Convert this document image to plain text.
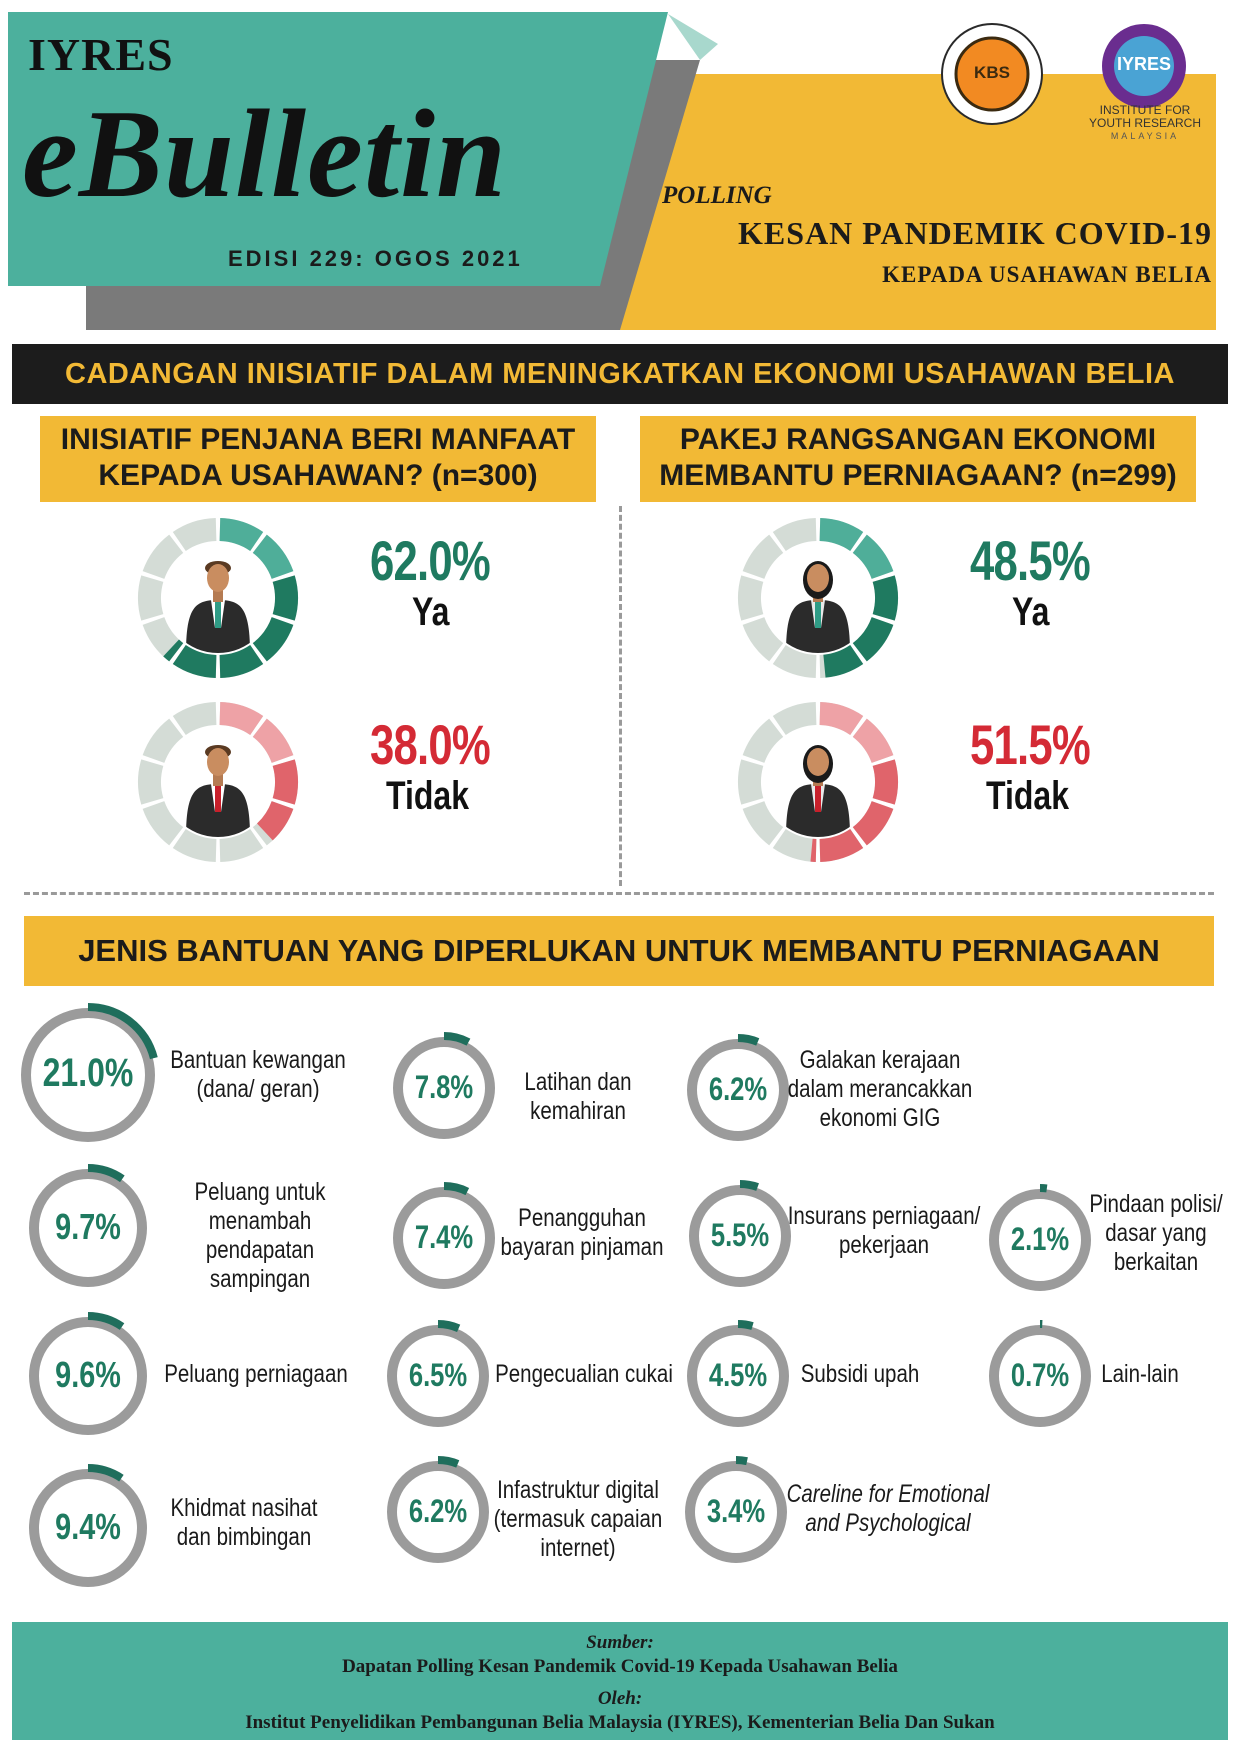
IYRES
eBulletin
EDISI 229: OGOS 2021
POLLING
KESAN PANDEMIK COVID-19
KEPADA USAHAWAN BELIA
KBS	IYRES
INSTITUTE FOR
YOUTH RESEARCH
MALAYSIA
CADANGAN INISIATIF DALAM MENINGKATKAN EKONOMI USAHAWAN BELIA
INISIATIF PENJANA BERI MANFAAT
KEPADA USAHAWAN? (n=300)
PAKEJ RANGSANGAN EKONOMI
MEMBANTU PERNIAGAAN? (n=299)
62.0%
Ya
38.0%
Tidak
48.5%
Ya
51.5%
Tidak
JENIS BANTUAN YANG DIPERLUKAN UNTUK MEMBANTU PERNIAGAAN
21.0%	Bantuan kewangan
(dana/ geran)
9.7%
Peluang untuk
menambah
pendapatan sampingan
9.6%	Peluang perniagaan
9.4%	Khidmat nasihat
dan bimbingan
7.8%	Latihan dan
kemahiran
7.4%
Penangguhan
bayaran pinjaman
6.5%	Pengecualian cukai
6.2%
Infastruktur digital
(termasuk capaian
internet)
6.2%
Galakan kerajaan
dalam merancakkan
ekonomi GIG
5.5%
Insurans perniagaan/
pekerjaan
4.5%	Subsidi upah
3.4% Careline for Emotional
and Psychological
2.1%
Pindaan polisi/
dasar yang
berkaitan
0.7%	Lain-lain
Sumber:
Dapatan Polling Kesan Pandemik Covid-19 Kepada Usahawan Belia
Oleh:
Institut Penyelidikan Pembangunan Belia Malaysia (IYRES), Kementerian Belia Dan Sukan
